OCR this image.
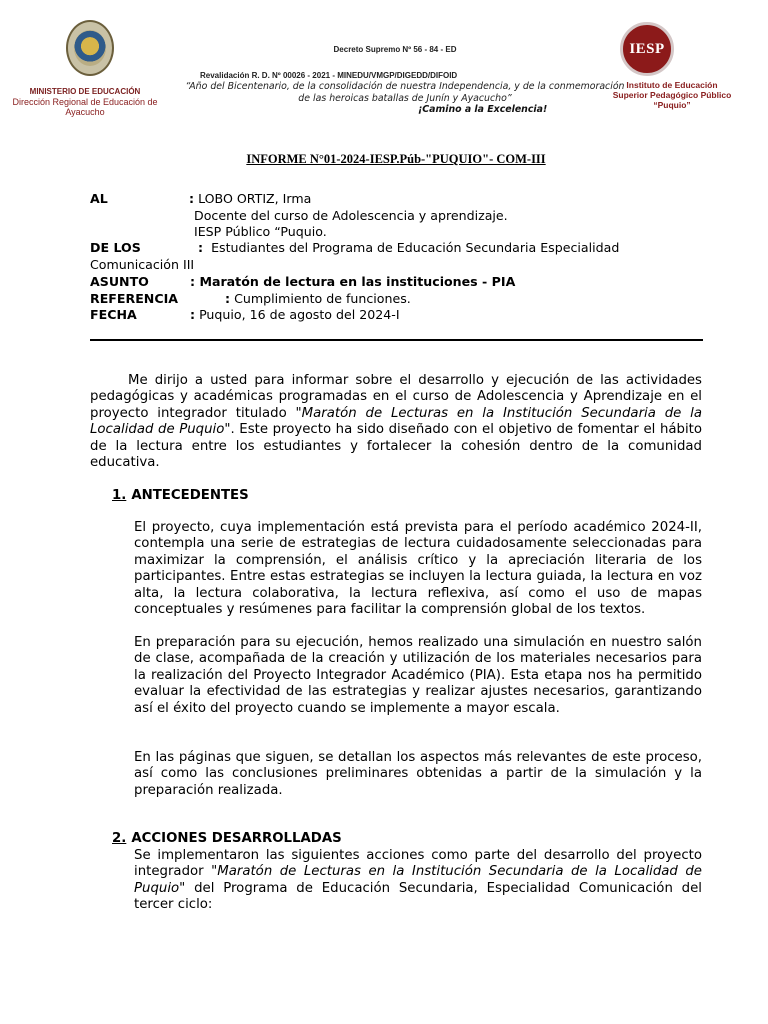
MINISTERIO DE EDUCACIÓN
Dirección Regional de Educación de Ayacucho
Decreto Supremo Nº 56 - 84 - ED
Revalidación R. D. Nº 00026 - 2021 - MINEDU/VMGP/DIGEDD/DIFOID
“Año del Bicentenario, de la consolidación de nuestra Independencia, y de la conmemoración
de las heroicas batallas de Junín y Ayacucho”
¡Camino a la Excelencia!
IESP
Instituto de Educación
Superior Pedagógico Público
“Puquio”
INFORME N°01-2024-IESP.Púb-"PUQUIO"- COM-III
AL	: LOBO ORTIZ, Irma
Docente del curso de Adolescencia y aprendizaje.
IESP Público “Puquio.
DE LOS	: Estudiantes del Programa de Educación Secundaria Especialidad
Comunicación III
ASUNTO	: Maratón de lectura en las instituciones - PIA
REFERENCIA	: Cumplimiento de funciones.
FECHA	: Puquio, 16 de agosto del 2024-I
Me dirijo a usted para informar sobre el desarrollo y ejecución de las actividades pedagógicas y académicas programadas en el curso de Adolescencia y Aprendizaje en el proyecto integrador titulado "Maratón de Lecturas en la Institución Secundaria de la Localidad de Puquio". Este proyecto ha sido diseñado con el objetivo de fomentar el hábito de la lectura entre los estudiantes y fortalecer la cohesión dentro de la comunidad educativa.
1. ANTECEDENTES
El proyecto, cuya implementación está prevista para el período académico 2024-II, contempla una serie de estrategias de lectura cuidadosamente seleccionadas para maximizar la comprensión, el análisis crítico y la apreciación literaria de los participantes. Entre estas estrategias se incluyen la lectura guiada, la lectura en voz alta, la lectura colaborativa, la lectura reflexiva, así como el uso de mapas conceptuales y resúmenes para facilitar la comprensión global de los textos.
En preparación para su ejecución, hemos realizado una simulación en nuestro salón de clase, acompañada de la creación y utilización de los materiales necesarios para la realización del Proyecto Integrador Académico (PIA). Esta etapa nos ha permitido evaluar la efectividad de las estrategias y realizar ajustes necesarios, garantizando así el éxito del proyecto cuando se implemente a mayor escala.
En las páginas que siguen, se detallan los aspectos más relevantes de este proceso, así como las conclusiones preliminares obtenidas a partir de la simulación y la preparación realizada.
2. ACCIONES DESARROLLADAS
Se implementaron las siguientes acciones como parte del desarrollo del proyecto integrador "Maratón de Lecturas en la Institución Secundaria de la Localidad de Puquio" del Programa de Educación Secundaria, Especialidad Comunicación del tercer ciclo:
